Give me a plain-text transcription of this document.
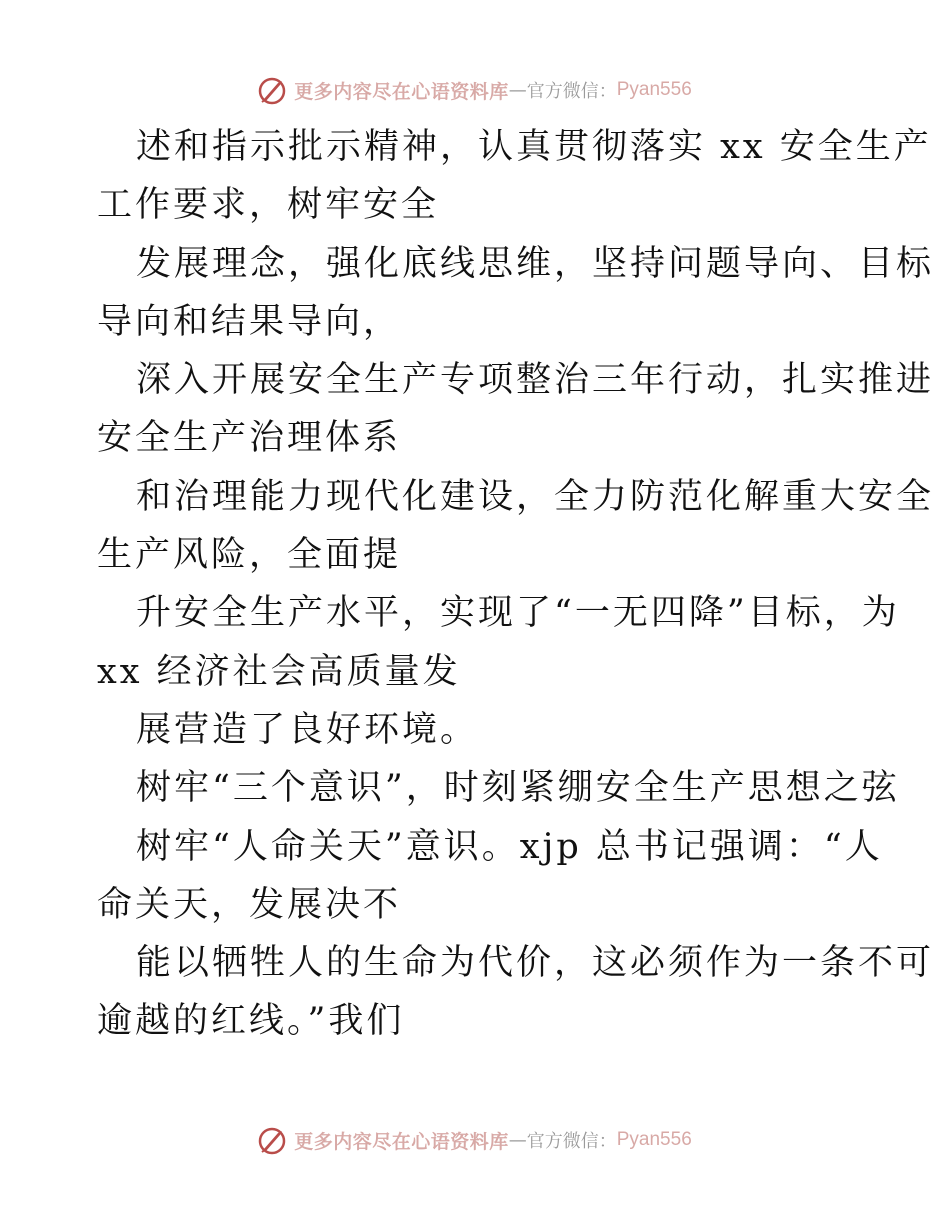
更多内容尽在心语资料库 — 官方微信： Pyan556
述和指示批示精神，认真贯彻落实 xx 安全生产
工作要求，树牢安全
发展理念，强化底线思维，坚持问题导向、目标
导向和结果导向，
深入开展安全生产专项整治三年行动，扎实推进
安全生产治理体系
和治理能力现代化建设，全力防范化解重大安全
生产风险，全面提
升安全生产水平，实现了“一无四降”目标，为
xx 经济社会高质量发
展营造了良好环境。
树牢“三个意识”，时刻紧绷安全生产思想之弦
树牢“人命关天”意识。xjp 总书记强调：“人
命关天，发展决不
能以牺牲人的生命为代价，这必须作为一条不可
逾越的红线。”我们
更多内容尽在心语资料库 — 官方微信： Pyan556
